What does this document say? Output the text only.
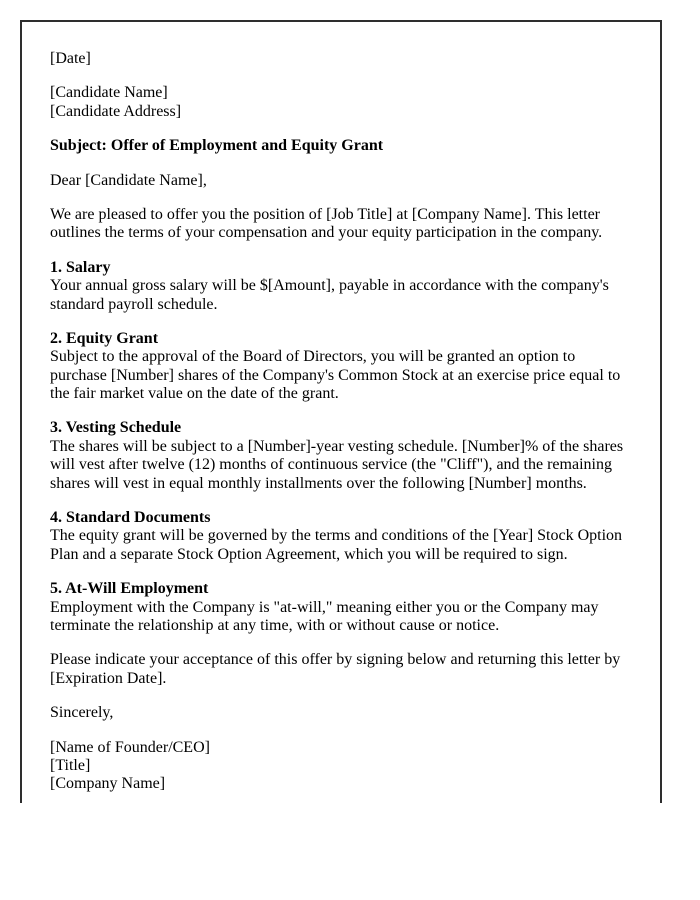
[Date]

[Candidate Name]
[Candidate Address]

Subject: Offer of Employment and Equity Grant

Dear [Candidate Name],

We are pleased to offer you the position of [Job Title] at [Company Name]. This letter outlines the terms of your compensation and your equity participation in the company.

1. Salary
Your annual gross salary will be $[Amount], payable in accordance with the company's standard payroll schedule.

2. Equity Grant
Subject to the approval of the Board of Directors, you will be granted an option to purchase [Number] shares of the Company's Common Stock at an exercise price equal to the fair market value on the date of the grant.

3. Vesting Schedule
The shares will be subject to a [Number]-year vesting schedule. [Number]% of the shares will vest after twelve (12) months of continuous service (the "Cliff"), and the remaining shares will vest in equal monthly installments over the following [Number] months.

4. Standard Documents
The equity grant will be governed by the terms and conditions of the [Year] Stock Option Plan and a separate Stock Option Agreement, which you will be required to sign.

5. At-Will Employment
Employment with the Company is "at-will," meaning either you or the Company may terminate the relationship at any time, with or without cause or notice.

Please indicate your acceptance of this offer by signing below and returning this letter by [Expiration Date].

Sincerely,

[Name of Founder/CEO]
[Title]
[Company Name]
